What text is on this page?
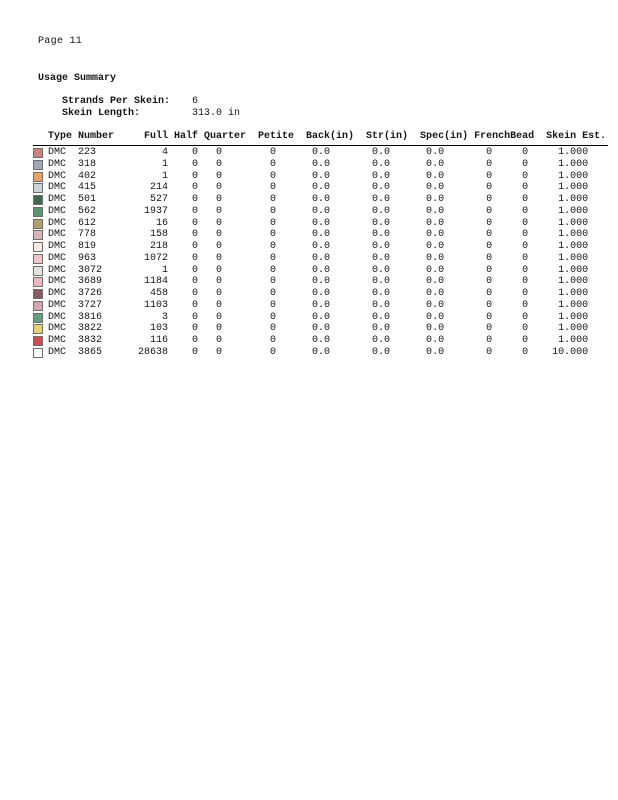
Page 11
Usage Summary

Strands Per Skein: 6

Skein Length:	313.0 in

Type Number     Full Half Quarter  Petite  Back(in)  Str(in)  Spec(in) FrenchBead  Skein Est.
DMC  223           4    0   0        0      0.0       0.0      0.0       0     0     1.000
DMC  318           1    0   0        0      0.0       0.0      0.0       0     0     1.000
DMC  402           1    0   0        0      0.0       0.0      0.0       0     0     1.000
DMC  415         214    0   0        0      0.0       0.0      0.0       0     0     1.000
DMC  501         527    0   0        0      0.0       0.0      0.0       0     0     1.000
DMC  562        1937    0   0        0      0.0       0.0      0.0       0     0     1.000
DMC  612          16    0   0        0      0.0       0.0      0.0       0     0     1.000
DMC  778         158    0   0        0      0.0       0.0      0.0       0     0     1.000
DMC  819         218    0   0        0      0.0       0.0      0.0       0     0     1.000
DMC  963        1072    0   0        0      0.0       0.0      0.0       0     0     1.000
DMC  3072          1    0   0        0      0.0       0.0      0.0       0     0     1.000
DMC  3689       1184    0   0        0      0.0       0.0      0.0       0     0     1.000
DMC  3726        458    0   0        0      0.0       0.0      0.0       0     0     1.000
DMC  3727       1103    0   0        0      0.0       0.0      0.0       0     0     1.000
DMC  3816          3    0   0        0      0.0       0.0      0.0       0     0     1.000
DMC  3822        103    0   0        0      0.0       0.0      0.0       0     0     1.000
DMC  3832        116    0   0        0      0.0       0.0      0.0       0     0     1.000
DMC  3865      28638    0   0        0      0.0       0.0      0.0       0     0    10.000
